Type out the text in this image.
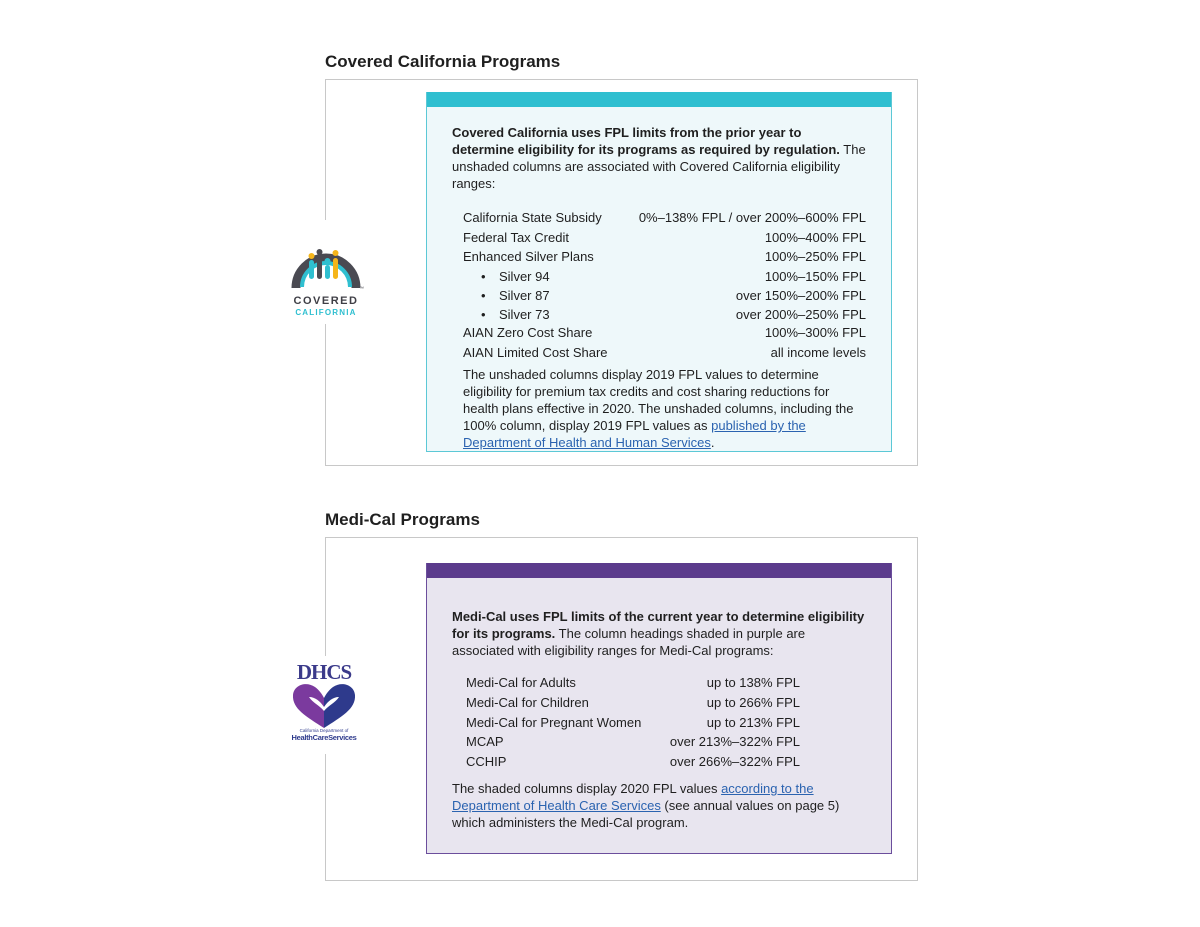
Covered California Programs
™
COVERED
CALIFORNIA

Covered California uses FPL limits from the prior year to determine eligibility for its programs as required by regulation. The unshaded columns are associated with Covered California eligibility ranges:

California State Subsidy	0%–138% FPL / over 200%–600% FPL
Federal Tax Credit	100%–400% FPL
Enhanced Silver Plans	100%–250% FPL
• Silver 94	100%–150% FPL
• Silver 87	over 150%–200% FPL
• Silver 73	over 200%–250% FPL
AIAN Zero Cost Share	100%–300% FPL
AIAN Limited Cost Share	all income levels

The unshaded columns display 2019 FPL values to determine eligibility for premium tax credits and cost sharing reductions for health plans effective in 2020. The unshaded columns, including the 100% column, display 2019 FPL values as published by the Department of Health and Human Services.

Medi-Cal Programs
DHCS
California Department of
HealthCareServices

Medi-Cal uses FPL limits of the current year to determine eligibility for its programs. The column headings shaded in purple are associated with eligibility ranges for Medi-Cal programs:

Medi-Cal for Adults	up to 138% FPL
Medi-Cal for Children	up to 266% FPL
Medi-Cal for Pregnant Women	up to 213% FPL
MCAP	over 213%–322% FPL
CCHIP	over 266%–322% FPL

The shaded columns display 2020 FPL values according to the Department of Health Care Services (see annual values on page 5) which administers the Medi-Cal program.
